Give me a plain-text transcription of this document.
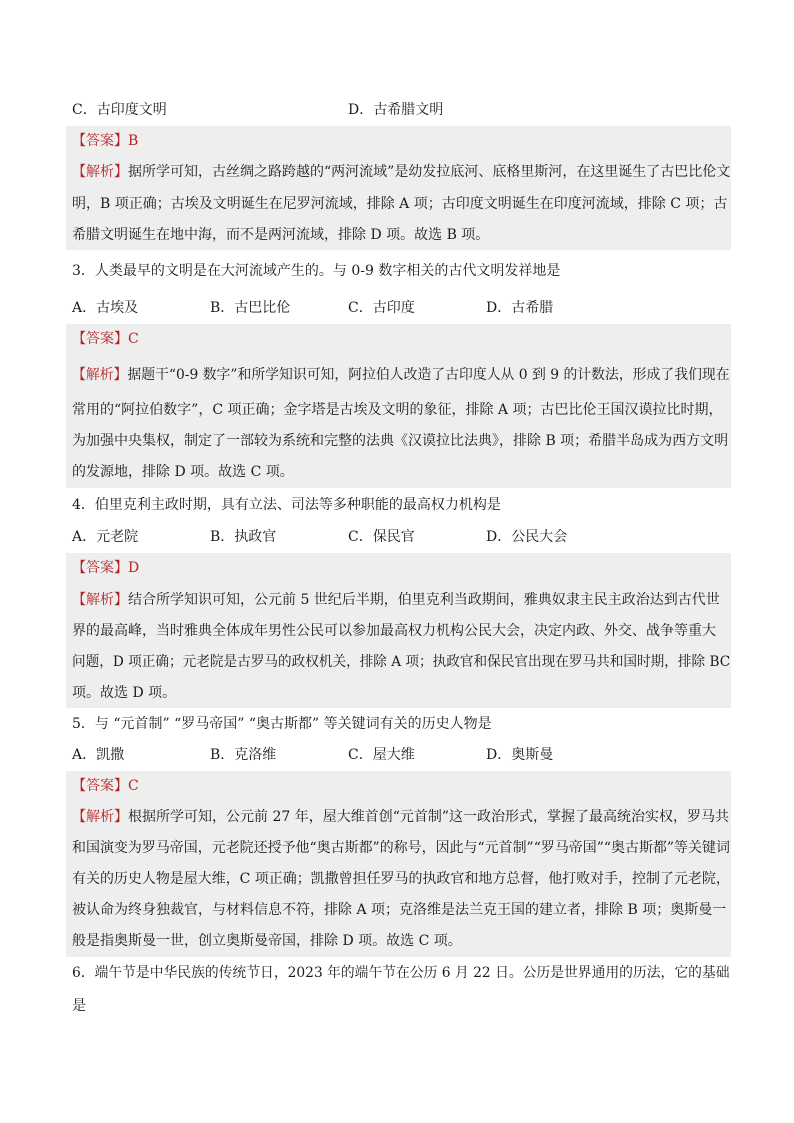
C．古印度文明	D．古希腊文明
【答案】B
【解析】据所学可知，古丝绸之路跨越的“两河流域”是幼发拉底河、底格里斯河，在这里诞生了古巴比伦文
明，B 项正确；古埃及文明诞生在尼罗河流域，排除 A 项；古印度文明诞生在印度河流域，排除 C 项；古
希腊文明诞生在地中海，而不是两河流域，排除 D 项。故选 B 项。
3．人类最早的文明是在大河流域产生的。与 0-9 数字相关的古代文明发祥地是
A．古埃及	B．古巴比伦	C．古印度	D．古希腊
【答案】C
【解析】据题干“0-9 数字”和所学知识可知，阿拉伯人改造了古印度人从 0 到 9 的计数法，形成了我们现在
常用的“阿拉伯数字”，C 项正确；金字塔是古埃及文明的象征，排除 A 项；古巴比伦王国汉谟拉比时期，
为加强中央集权，制定了一部较为系统和完整的法典《汉谟拉比法典》，排除 B 项；希腊半岛成为西方文明
的发源地，排除 D 项。故选 C 项。
4．伯里克利主政时期，具有立法、司法等多种职能的最高权力机构是
A．元老院	B．执政官	C．保民官	D．公民大会
【答案】D
【解析】结合所学知识可知，公元前 5 世纪后半期，伯里克利当政期间，雅典奴隶主民主政治达到古代世
界的最高峰，当时雅典全体成年男性公民可以参加最高权力机构公民大会，决定内政、外交、战争等重大
问题，D 项正确；元老院是古罗马的政权机关，排除 A 项；执政官和保民官出现在罗马共和国时期，排除 BC
项。故选 D 项。
5．与 “元首制” “罗马帝国” “奥古斯都” 等关键词有关的历史人物是
A．凯撒	B．克洛维	C．屋大维	D．奥斯曼
【答案】C
【解析】根据所学可知，公元前 27 年，屋大维首创“元首制”这一政治形式，掌握了最高统治实权，罗马共
和国演变为罗马帝国，元老院还授予他“奥古斯都”的称号，因此与“元首制”“罗马帝国”“奥古斯都”等关键词
有关的历史人物是屋大维，C 项正确；凯撒曾担任罗马的执政官和地方总督，他打败对手，控制了元老院，
被认命为终身独裁官，与材料信息不符，排除 A 项；克洛维是法兰克王国的建立者，排除 B 项；奥斯曼一
般是指奥斯曼一世，创立奥斯曼帝国，排除 D 项。故选 C 项。
6．端午节是中华民族的传统节日，2023 年的端午节在公历 6 月 22 日。公历是世界通用的历法，它的基础
是
